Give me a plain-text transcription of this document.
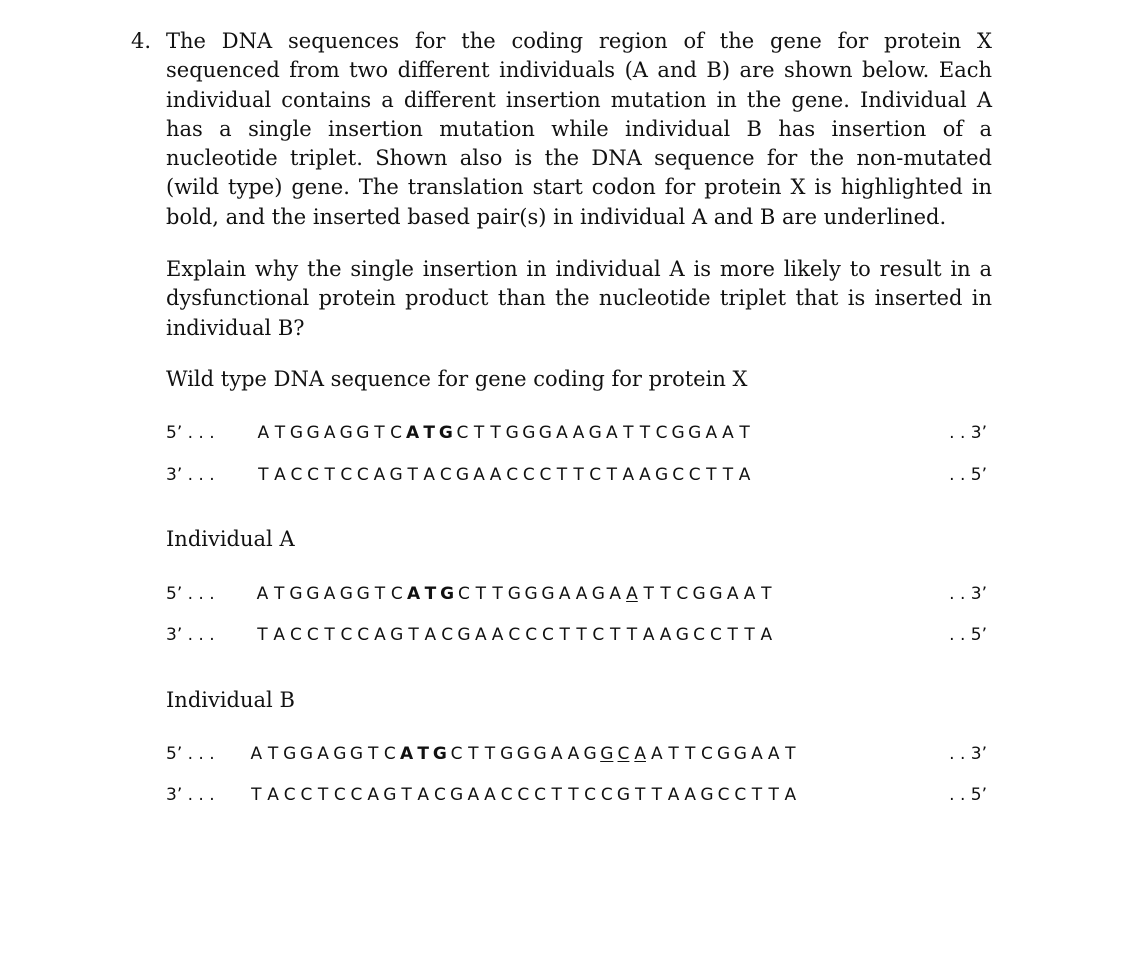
4. The DNA sequences for the coding region of the gene for protein X sequenced from two different individuals (A and B) are shown below. Each individual contains a different insertion mutation in the gene. Individual A has a single insertion mutation while individual B has insertion of a nucleotide triplet. Shown also is the DNA sequence for the non-mutated (wild type) gene. The translation start codon for protein X is highlighted in bold, and the inserted based pair(s) in individual A and B are underlined.

Explain why the single insertion in individual A is more likely to result in a dysfunctional protein product than the nucleotide triplet that is inserted in individual B?

Wild type DNA sequence for gene coding for protein X

5’ . . .	A T G G A G G T C A T G C T T G G G A A G A T T C G G A A T	. . 3’
3’ . . .	T A C C T C C A G T A C G A A C C C T T C T A A G C C T T A	. . 5’

Individual A

5’ . . . A T G G A G G T C A T G C T T G G G A A G A A T T C G G A A T	. . 3’
3’ . . .	T A C C T C C A G T A C G A A C C C T T C T T A A G C C T T A	. . 5’

Individual B

5’ . . . A T G G A G G T C A T G C T T G G G A A G G C A A T T C G G A A T	. . 3’
3’ . . . T A C C T C C A G T A C G A A C C C T T C C G T T A A G C C T T A	. . 5’
